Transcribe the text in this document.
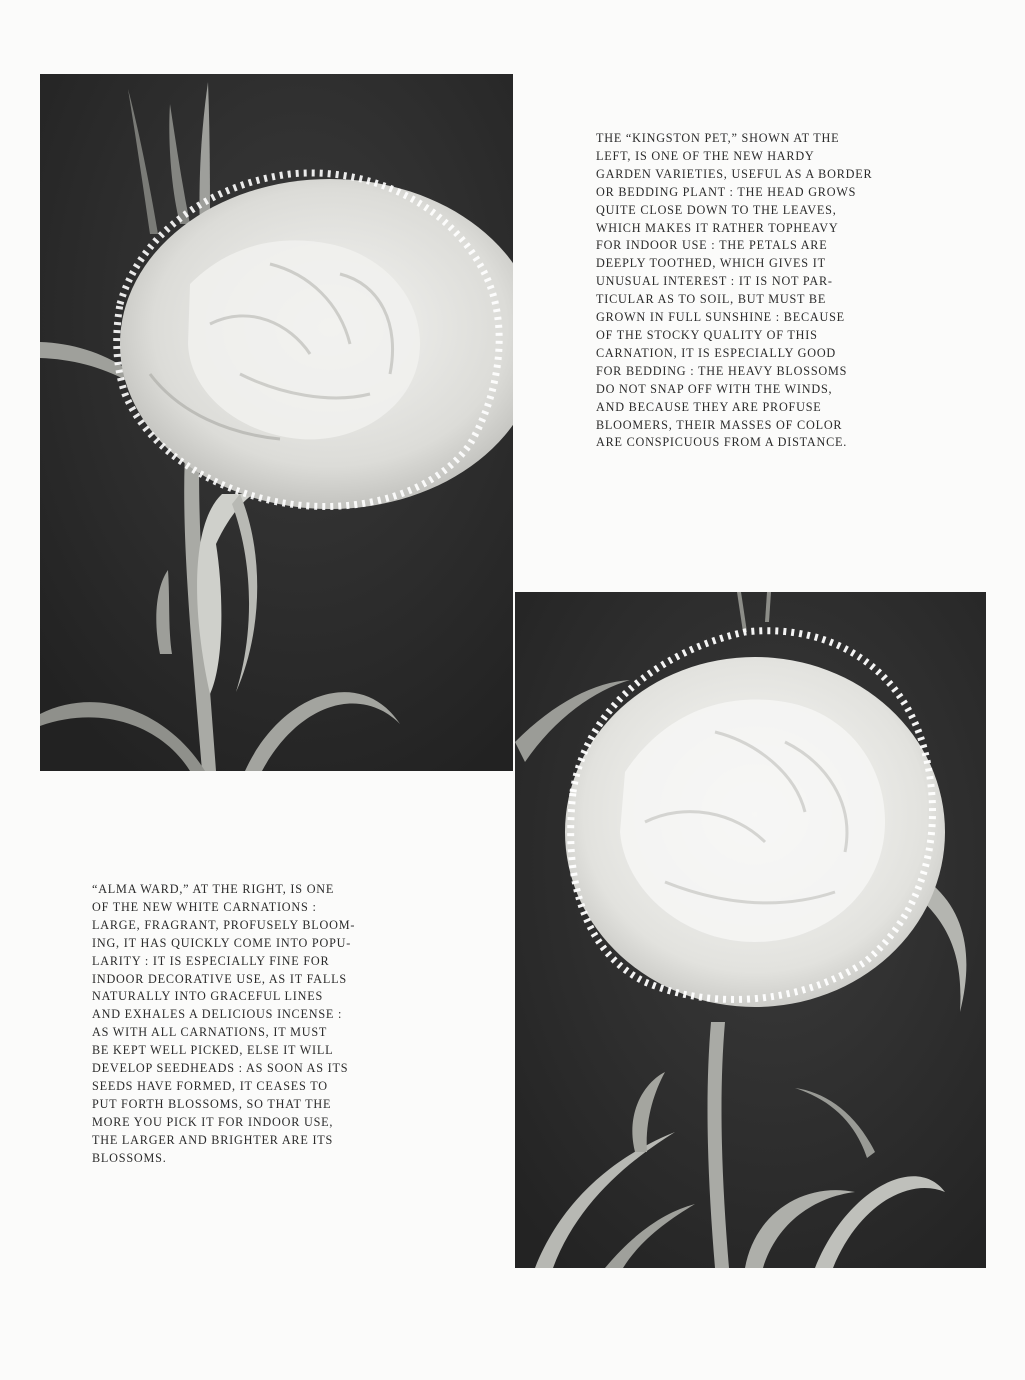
THE “KINGSTON PET,” SHOWN AT THE
LEFT, IS ONE OF THE NEW HARDY
GARDEN VARIETIES, USEFUL AS A BORDER
OR BEDDING PLANT : THE HEAD GROWS
QUITE CLOSE DOWN TO THE LEAVES,
WHICH MAKES IT RATHER TOPHEAVY
FOR INDOOR USE : THE PETALS ARE
DEEPLY TOOTHED, WHICH GIVES IT
UNUSUAL INTEREST : IT IS NOT PAR-
TICULAR AS TO SOIL, BUT MUST BE
GROWN IN FULL SUNSHINE : BECAUSE
OF THE STOCKY QUALITY OF THIS
CARNATION, IT IS ESPECIALLY GOOD
FOR BEDDING : THE HEAVY BLOSSOMS
DO NOT SNAP OFF WITH THE WINDS,
AND BECAUSE THEY ARE PROFUSE
BLOOMERS, THEIR MASSES OF COLOR
ARE CONSPICUOUS FROM A DISTANCE.

“ALMA WARD,” AT THE RIGHT, IS ONE
OF THE NEW WHITE CARNATIONS :
LARGE, FRAGRANT, PROFUSELY BLOOM-
ING, IT HAS QUICKLY COME INTO POPU-
LARITY : IT IS ESPECIALLY FINE FOR
INDOOR DECORATIVE USE, AS IT FALLS
NATURALLY INTO GRACEFUL LINES
AND EXHALES A DELICIOUS INCENSE :
AS WITH ALL CARNATIONS, IT MUST
BE KEPT WELL PICKED, ELSE IT WILL
DEVELOP SEEDHEADS : AS SOON AS ITS
SEEDS HAVE FORMED, IT CEASES TO
PUT FORTH BLOSSOMS, SO THAT THE
MORE YOU PICK IT FOR INDOOR USE,
THE LARGER AND BRIGHTER ARE ITS
BLOSSOMS.
